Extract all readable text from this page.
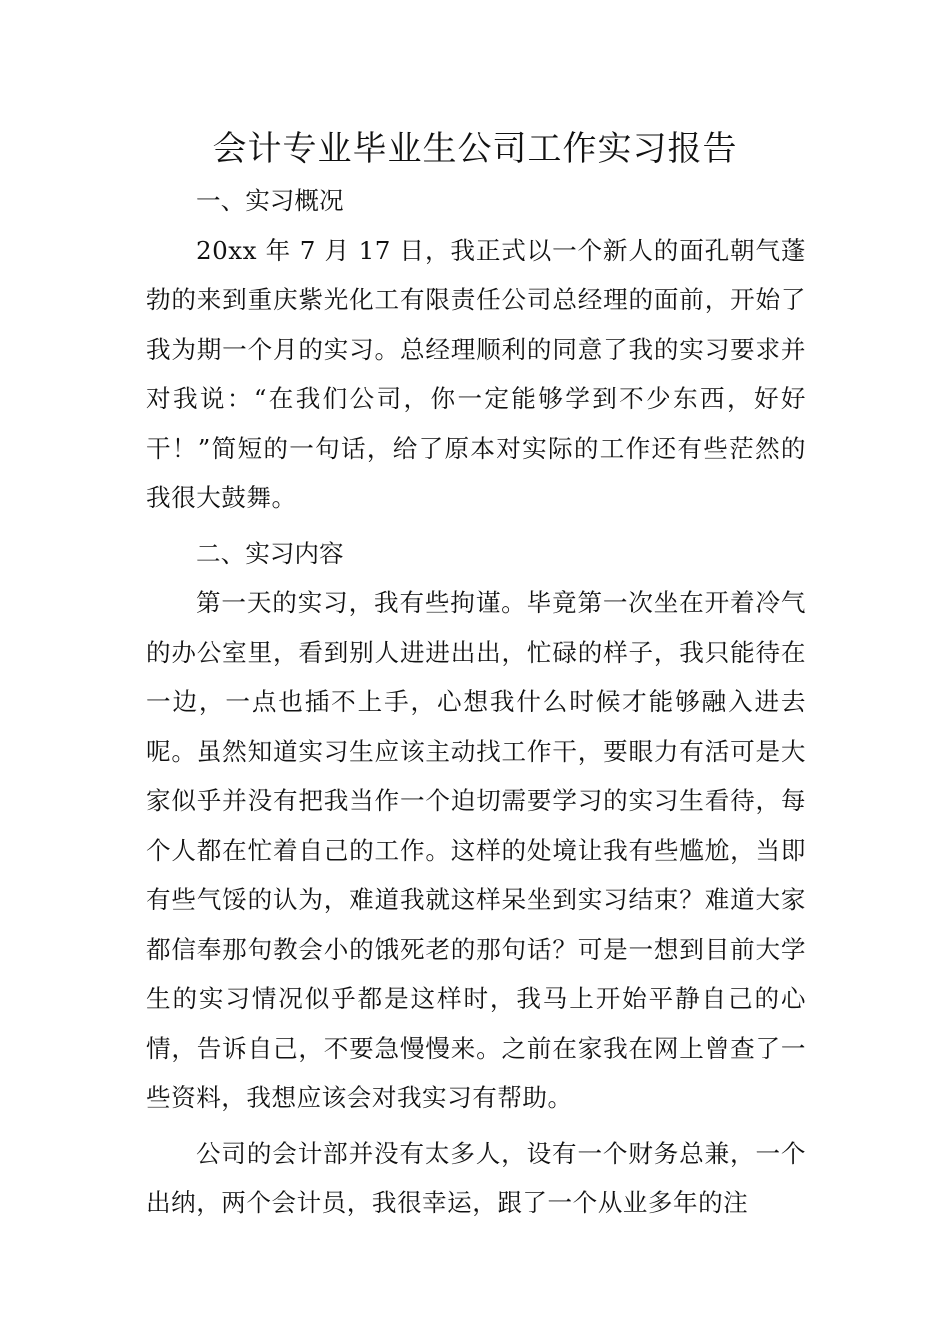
会计专业毕业生公司工作实习报告

一、实习概况

20xx 年 7 月 17 日，我正式以一个新人的面孔朝气蓬勃的来到重庆紫光化工有限责任公司总经理的面前，开始了我为期一个月的实习。总经理顺利的同意了我的实习要求并对我说：“在我们公司，你一定能够学到不少东西，好好干！”简短的一句话，给了原本对实际的工作还有些茫然的我很大鼓舞。

二、实习内容

第一天的实习，我有些拘谨。毕竟第一次坐在开着冷气的办公室里，看到别人进进出出，忙碌的样子，我只能待在一边，一点也插不上手，心想我什么时候才能够融入进去呢。虽然知道实习生应该主动找工作干，要眼力有活可是大家似乎并没有把我当作一个迫切需要学习的实习生看待，每个人都在忙着自己的工作。这样的处境让我有些尴尬，当即有些气馁的认为，难道我就这样呆坐到实习结束？难道大家都信奉那句教会小的饿死老的那句话？可是一想到目前大学生的实习情况似乎都是这样时，我马上开始平静自己的心情，告诉自己，不要急慢慢来。之前在家我在网上曾查了一些资料，我想应该会对我实习有帮助。

公司的会计部并没有太多人，设有一个财务总兼，一个出纳，两个会计员，我很幸运，跟了一个从业多年的注
